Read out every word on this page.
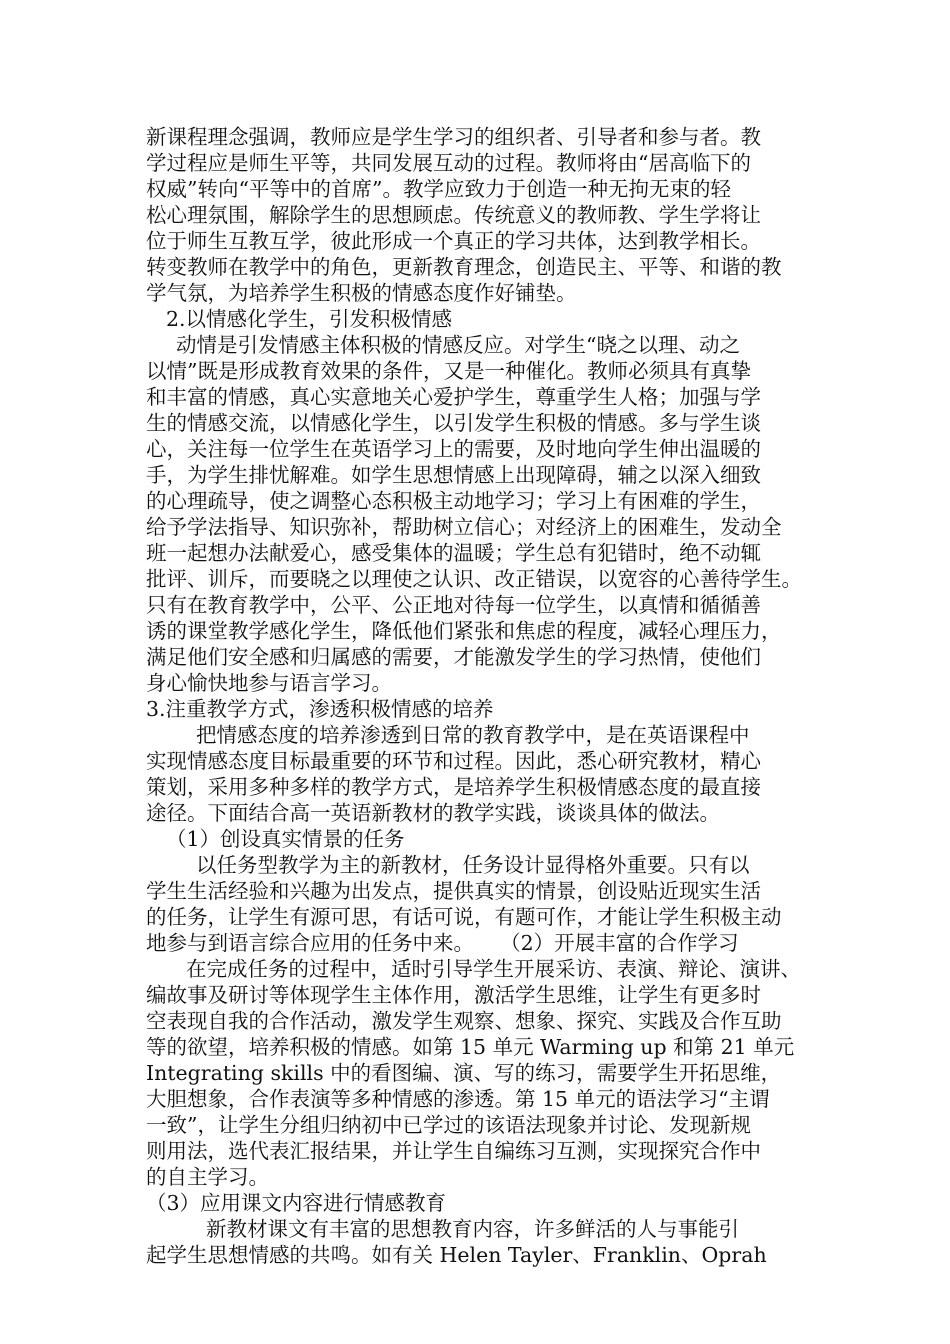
新课程理念强调，教师应是学生学习的组织者、引导者和参与者。教
学过程应是师生平等，共同发展互动的过程。教师将由“居高临下的
权威”转向“平等中的首席”。教学应致力于创造一种无拘无束的轻
松心理氛围，解除学生的思想顾虑。传统意义的教师教、学生学将让
位于师生互教互学，彼此形成一个真正的学习共体，达到教学相长。
转变教师在教学中的角色，更新教育理念，创造民主、平等、和谐的教
学气氛，为培养学生积极的情感态度作好铺垫。
2.以情感化学生，引发积极情感
动情是引发情感主体积极的情感反应。对学生“晓之以理、动之
以情”既是形成教育效果的条件，又是一种催化。教师必须具有真挚
和丰富的情感，真心实意地关心爱护学生，尊重学生人格；加强与学
生的情感交流，以情感化学生，以引发学生积极的情感。多与学生谈
心，关注每一位学生在英语学习上的需要，及时地向学生伸出温暖的
手，为学生排忧解难。如学生思想情感上出现障碍，辅之以深入细致
的心理疏导，使之调整心态积极主动地学习；学习上有困难的学生，
给予学法指导、知识弥补，帮助树立信心；对经济上的困难生，发动全
班一起想办法献爱心，感受集体的温暖；学生总有犯错时，绝不动辄
批评、训斥，而要晓之以理使之认识、改正错误，以宽容的心善待学生。
只有在教育教学中，公平、公正地对待每一位学生，以真情和循循善
诱的课堂教学感化学生，降低他们紧张和焦虑的程度，减轻心理压力，
满足他们安全感和归属感的需要，才能激发学生的学习热情，使他们
身心愉快地参与语言学习。
3.注重教学方式，渗透积极情感的培养
把情感态度的培养渗透到日常的教育教学中，是在英语课程中
实现情感态度目标最重要的环节和过程。因此，悉心研究教材，精心
策划，采用多种多样的教学方式，是培养学生积极情感态度的最直接
途径。下面结合高一英语新教材的教学实践，谈谈具体的做法。
（1）创设真实情景的任务
以任务型教学为主的新教材，任务设计显得格外重要。只有以
学生生活经验和兴趣为出发点，提供真实的情景，创设贴近现实生活
的任务，让学生有源可思，有话可说，有题可作，才能让学生积极主动
地参与到语言综合应用的任务中来。    （2）开展丰富的合作学习
在完成任务的过程中，适时引导学生开展采访、表演、辩论、演讲、
编故事及研讨等体现学生主体作用，激活学生思维，让学生有更多时
空表现自我的合作活动，激发学生观察、想象、探究、实践及合作互助
等的欲望，培养积极的情感。如第 15 单元 Warming up 和第 21 单元
Integrating skills 中的看图编、演、写的练习，需要学生开拓思维，
大胆想象，合作表演等多种情感的渗透。第 15 单元的语法学习“主谓
一致”，让学生分组归纳初中已学过的该语法现象并讨论、发现新规
则用法，选代表汇报结果，并让学生自编练习互测，实现探究合作中
的自主学习。
（3）应用课文内容进行情感教育
新教材课文有丰富的思想教育内容，许多鲜活的人与事能引
起学生思想情感的共鸣。如有关 Helen Tayler、Franklin、Oprah
